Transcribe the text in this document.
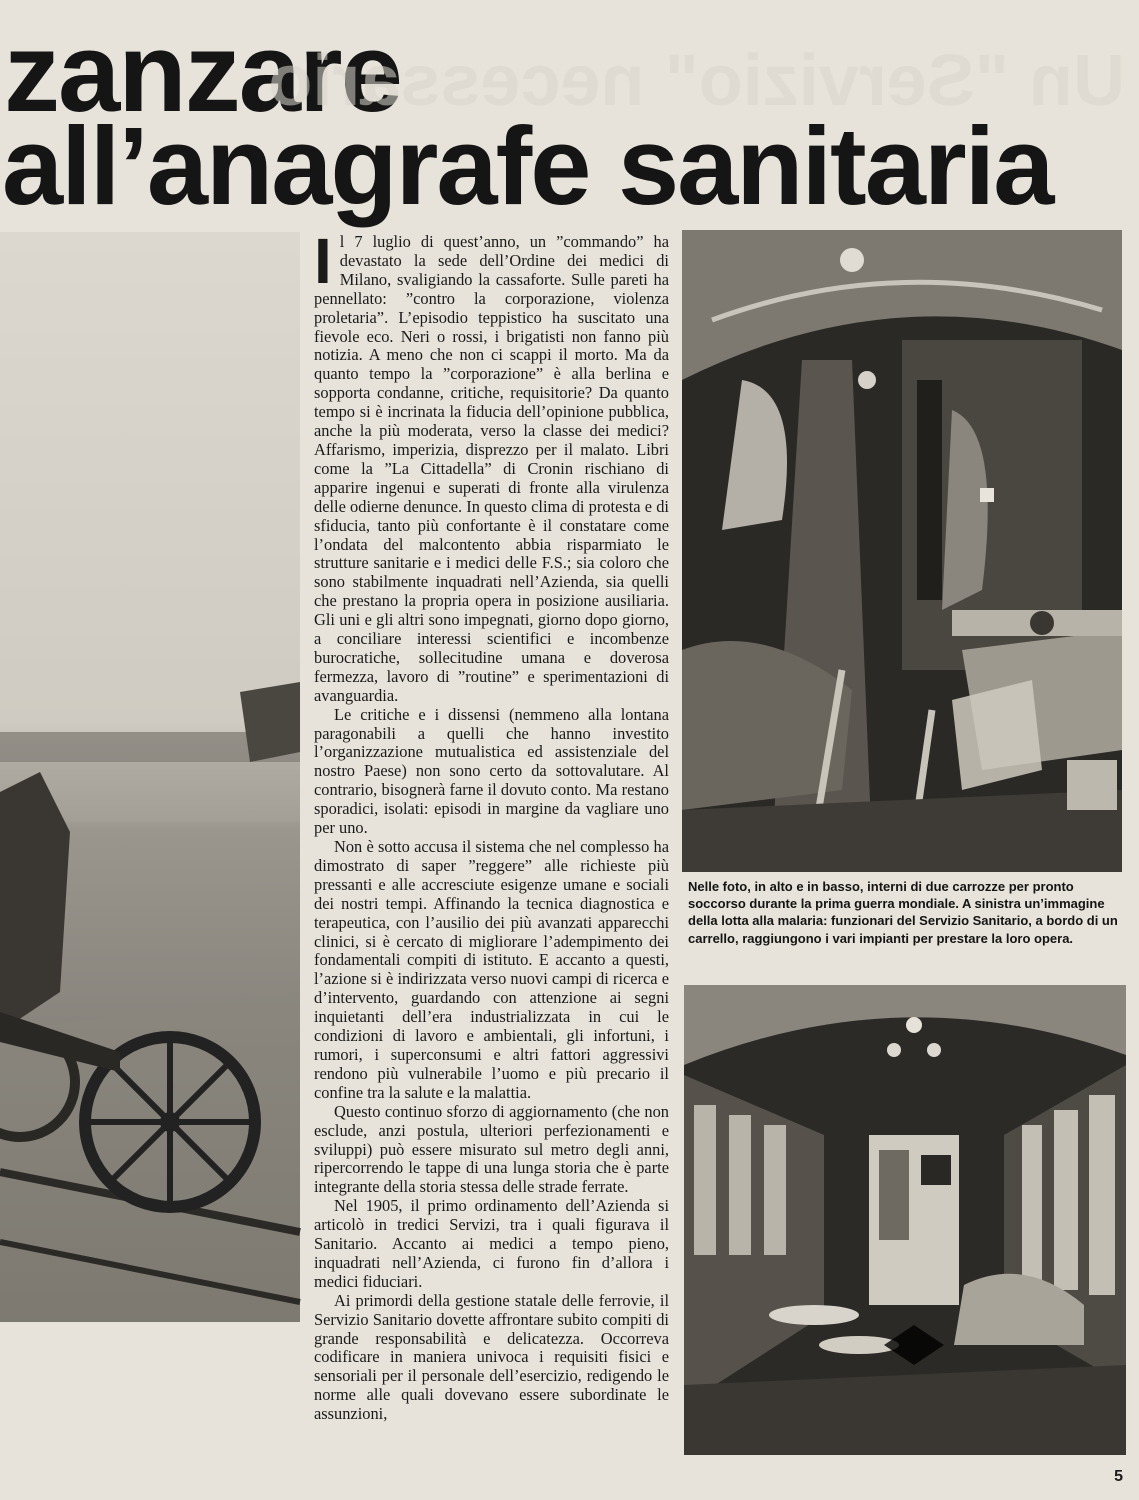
zanzare
all’anagrafe sanitaria
Un "Servizio" necessario

Il 7 luglio di quest’anno, un ”commando” ha devastato la sede dell’Ordine dei medici di Milano, svaligiando la cassaforte. Sulle pareti ha pennellato: ”contro la corporazione, violenza proletaria”. L’episodio teppistico ha suscitato una fievole eco. Neri o rossi, i brigatisti non fanno più notizia. A meno che non ci scappi il morto. Ma da quanto tempo la ”corporazione” è alla berlina e sopporta condanne, critiche, requisitorie? Da quanto tempo si è incrinata la fiducia dell’opinione pubblica, anche la più moderata, verso la classe dei medici? Affarismo, imperizia, disprezzo per il malato. Libri come la ”La Cittadella” di Cronin rischiano di apparire ingenui e superati di fronte alla virulenza delle odierne denunce. In questo clima di protesta e di sfiducia, tanto più confortante è il constatare come l’ondata del malcontento abbia risparmiato le strutture sanitarie e i medici delle F.S.; sia coloro che sono stabilmente inquadrati nell’Azienda, sia quelli che prestano la propria opera in posizione ausiliaria. Gli uni e gli altri sono impegnati, giorno dopo giorno, a conciliare interessi scientifici e incombenze burocratiche, sollecitudine umana e doverosa fermezza, lavoro di ”routine” e sperimentazioni di avanguardia.

Le critiche e i dissensi (nemmeno alla lontana paragonabili a quelli che hanno investito l’organizzazione mutualistica ed assistenziale del nostro Paese) non sono certo da sottovalutare. Al contrario, bisognerà farne il dovuto conto. Ma restano sporadici, isolati: episodi in margine da vagliare uno per uno.

Non è sotto accusa il sistema che nel complesso ha dimostrato di saper ”reggere” alle richieste più pressanti e alle accresciute esigenze umane e sociali dei nostri tempi. Affinando la tecnica diagnostica e terapeutica, con l’ausilio dei più avanzati apparecchi clinici, si è cercato di migliorare l’adempimento dei fondamentali compiti di istituto. E accanto a questi, l’azione si è indirizzata verso nuovi campi di ricerca e d’intervento, guardando con attenzione ai segni inquietanti dell’era industrializzata in cui le condizioni di lavoro e ambientali, gli infortuni, i rumori, i superconsumi e altri fattori aggressivi rendono più vulnerabile l’uomo e più precario il confine tra la salute e la malattia.

Questo continuo sforzo di aggiornamento (che non esclude, anzi postula, ulteriori perfezionamenti e sviluppi) può essere misurato sul metro degli anni, ripercorrendo le tappe di una lunga storia che è parte integrante della storia stessa delle strade ferrate.

Nel 1905, il primo ordinamento dell’Azienda si articolò in tredici Servizi, tra i quali figurava il Sanitario. Accanto ai medici a tempo pieno, inquadrati nell’Azienda, ci furono fin d’allora i medici fiduciari.

Ai primordi della gestione statale delle ferrovie, il Servizio Sanitario dovette affrontare subito compiti di grande responsabilità e delicatezza. Occorreva codificare in maniera univoca i requisiti fisici e sensoriali per il personale dell’esercizio, redigendo le norme alle quali dovevano essere subordinate le assunzioni,

Nelle foto, in alto e in basso, interni di due carrozze per pronto soccorso durante la prima guerra mondiale. A sinistra un’immagine della lotta alla malaria: funzionari del Servizio Sanitario, a bordo di un carrello, raggiungono i vari impianti per prestare la loro opera.
5
